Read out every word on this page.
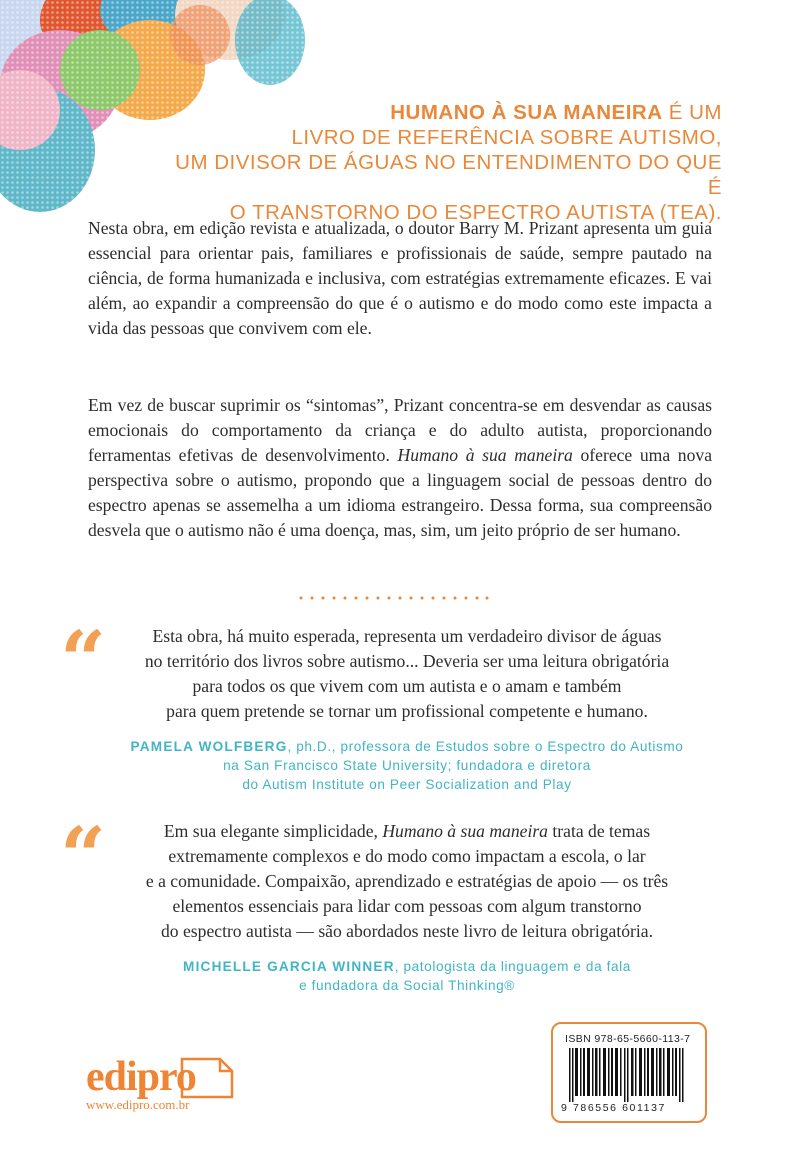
HUMANO À SUA MANEIRA É UM
LIVRO DE REFERÊNCIA SOBRE AUTISMO,
UM DIVISOR DE ÁGUAS NO ENTENDIMENTO DO QUE É
O TRANSTORNO DO ESPECTRO AUTISTA (TEA).
Nesta obra, em edição revista e atualizada, o doutor Barry M. Prizant apresenta um guia essencial para orientar pais, familiares e profissionais de saúde, sempre pautado na ciência, de forma humanizada e inclusiva, com estratégias extremamente eficazes. E vai além, ao expandir a compreensão do que é o autismo e do modo como este impacta a vida das pessoas que convivem com ele.
Em vez de buscar suprimir os “sintomas”, Prizant concentra-se em desvendar as causas emocionais do comportamento da criança e do adulto autista, proporcionando ferramentas efetivas de desenvolvimento. Humano à sua maneira oferece uma nova perspectiva sobre o autismo, propondo que a linguagem social de pessoas dentro do espectro apenas se assemelha a um idioma estrangeiro. Dessa forma, sua compreensão desvela que o autismo não é uma doença, mas, sim, um jeito próprio de ser humano.
“	Esta obra, há muito esperada, representa um verdadeiro divisor de águas
no território dos livros sobre autismo... Deveria ser uma leitura obrigatória
para todos os que vivem com um autista e o amam e também
para quem pretende se tornar um profissional competente e humano.
PAMELA WOLFBERG, ph.D., professora de Estudos sobre o Espectro do Autismo
na San Francisco State University; fundadora e diretora
do Autism Institute on Peer Socialization and Play
“	Em sua elegante simplicidade, Humano à sua maneira trata de temas
extremamente complexos e do modo como impactam a escola, o lar
e a comunidade. Compaixão, aprendizado e estratégias de apoio — os três
elementos essenciais para lidar com pessoas com algum transtorno
do espectro autista — são abordados neste livro de leitura obrigatória.
MICHELLE GARCIA WINNER, patologista da linguagem e da fala
e fundadora da Social Thinking®
edipro
www.edipro.com.br
ISBN 978-65-5660-113-7
9 786556 601137
